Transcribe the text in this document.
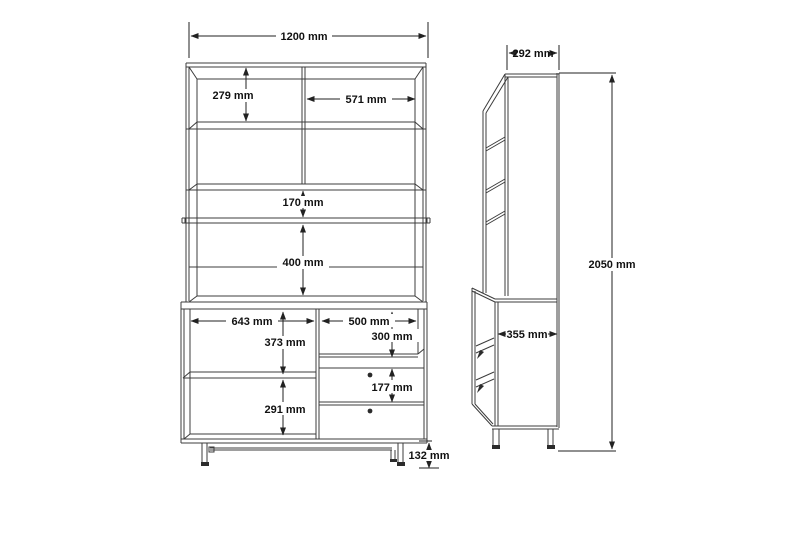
1200 mm
279 mm	571 mm
170 mm
400 mm
643 mm	500 mm
373 mm	300 mm
291 mm
177 mm
132 mm
292 mm
2050 mm
355 mm
